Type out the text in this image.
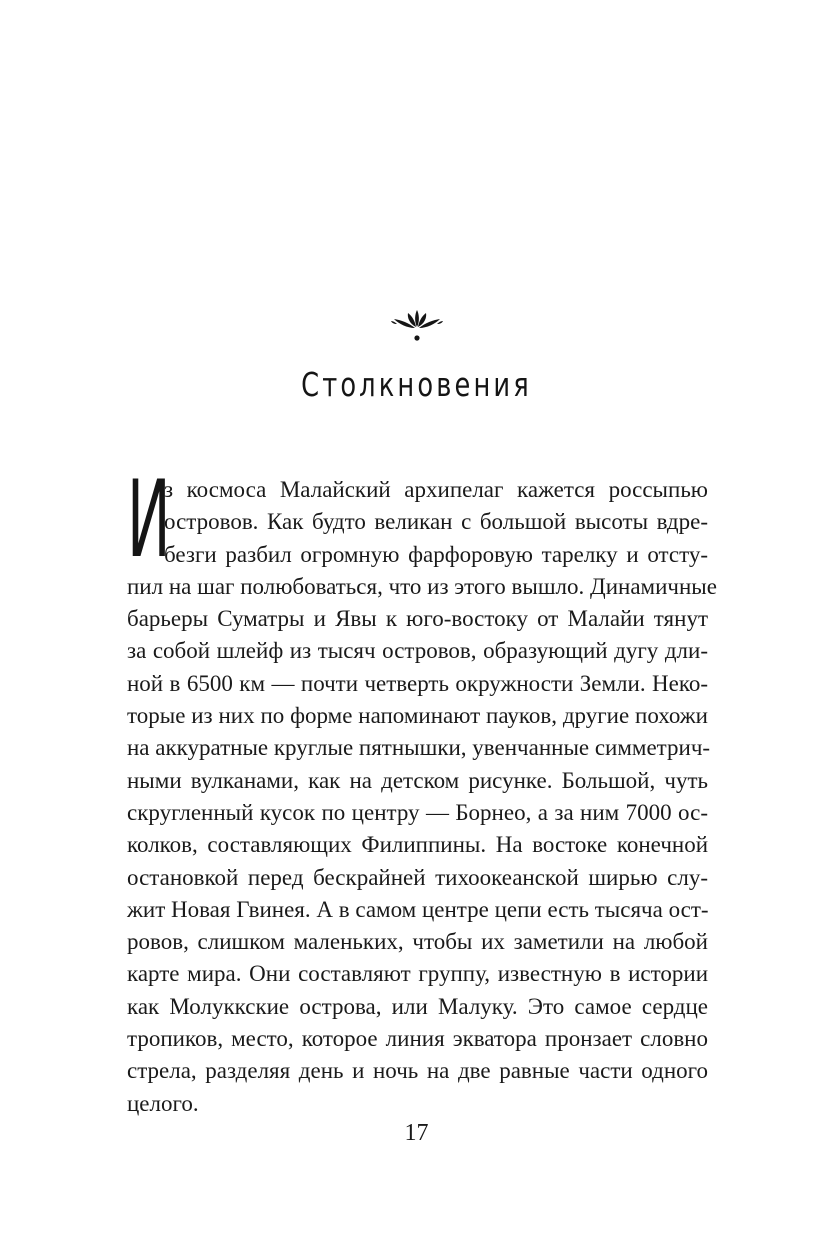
Столкновения
И
з космоса Малайский архипелаг кажется россыпью
островов. Как будто великан с большой высоты вдре-
безги разбил огромную фарфоровую тарелку и отсту-
пил на шаг полюбоваться, что из этого вышло. Динамичные
барьеры Суматры и Явы к юго-востоку от Малайи тянут
за собой шлейф из тысяч островов, образующий дугу дли-
ной в 6500 км — почти четверть окружности Земли. Неко-
торые из них по форме напоминают пауков, другие похожи
на аккуратные круглые пятнышки, увенчанные симметрич-
ными вулканами, как на детском рисунке. Большой, чуть
скругленный кусок по центру — Борнео, а за ним 7000 ос-
колков, составляющих Филиппины. На востоке конечной
остановкой перед бескрайней тихоокеанской ширью слу-
жит Новая Гвинея. А в самом центре цепи есть тысяча ост-
ровов, слишком маленьких, чтобы их заметили на любой
карте мира. Они составляют группу, известную в истории
как Молуккские острова, или Малуку. Это самое сердце
тропиков, место, которое линия экватора пронзает словно
стрела, разделяя день и ночь на две равные части одного
целого.
17
